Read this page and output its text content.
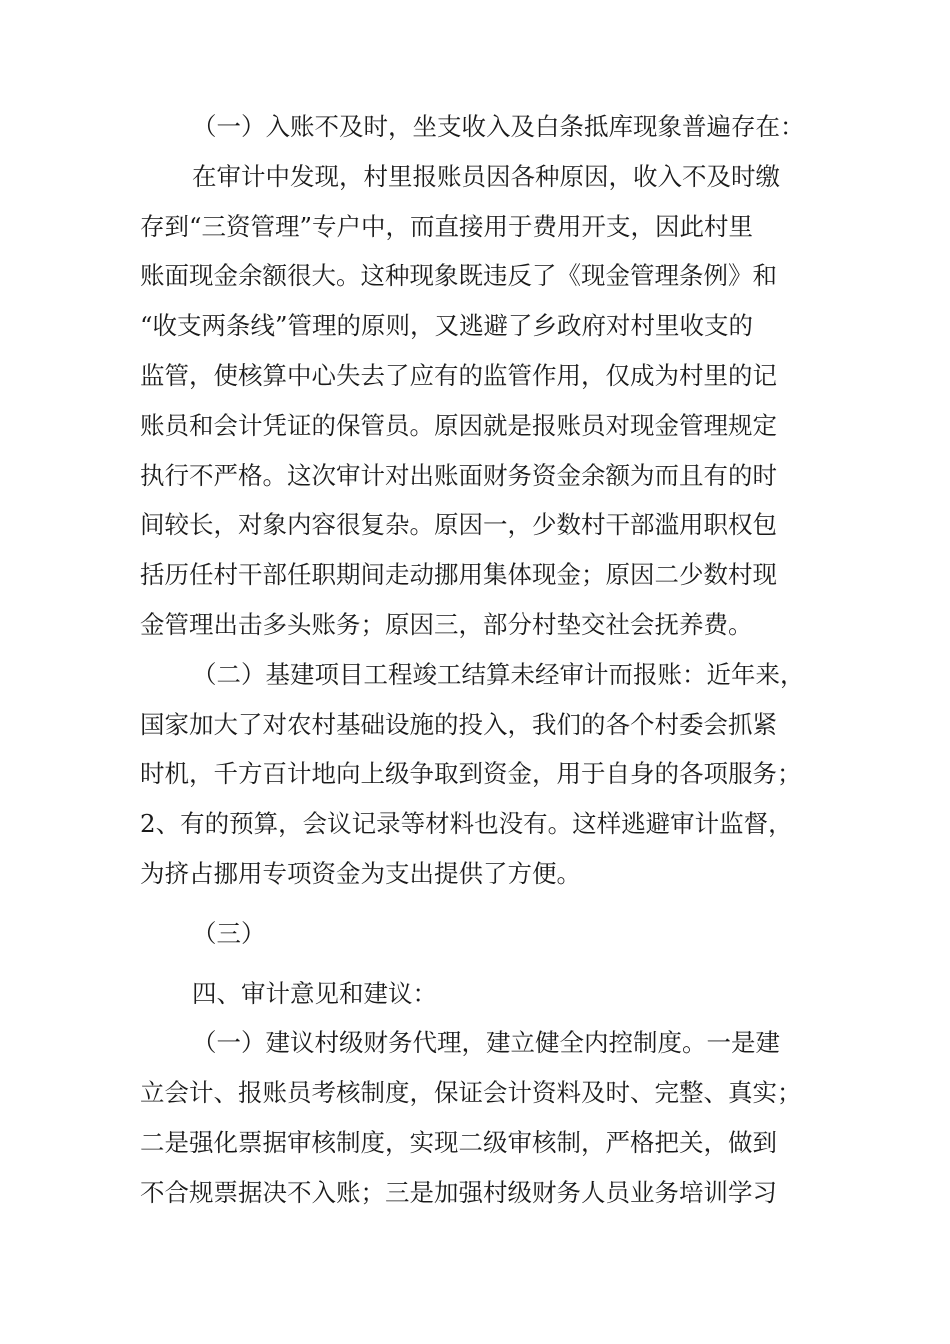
（一）入账不及时，坐支收入及白条抵库现象普遍存在：
在审计中发现，村里报账员因各种原因，收入不及时缴
存到“三资管理”专户中，而直接用于费用开支，因此村里
账面现金余额很大。这种现象既违反了《现金管理条例》和
“收支两条线”管理的原则，又逃避了乡政府对村里收支的
监管，使核算中心失去了应有的监管作用，仅成为村里的记
账员和会计凭证的保管员。原因就是报账员对现金管理规定
执行不严格。这次审计对出账面财务资金余额为而且有的时
间较长，对象内容很复杂。原因一，少数村干部滥用职权包
括历任村干部任职期间走动挪用集体现金；原因二少数村现
金管理出击多头账务；原因三，部分村垫交社会抚养费。
（二）基建项目工程竣工结算未经审计而报账：近年来，
国家加大了对农村基础设施的投入，我们的各个村委会抓紧
时机，千方百计地向上级争取到资金，用于自身的各项服务；
2、有的预算，会议记录等材料也没有。这样逃避审计监督，
为挤占挪用专项资金为支出提供了方便。
（三）
四、审计意见和建议：
（一）建议村级财务代理，建立健全内控制度。一是建
立会计、报账员考核制度，保证会计资料及时、完整、真实；
二是强化票据审核制度，实现二级审核制，严格把关，做到
不合规票据决不入账；三是加强村级财务人员业务培训学习
